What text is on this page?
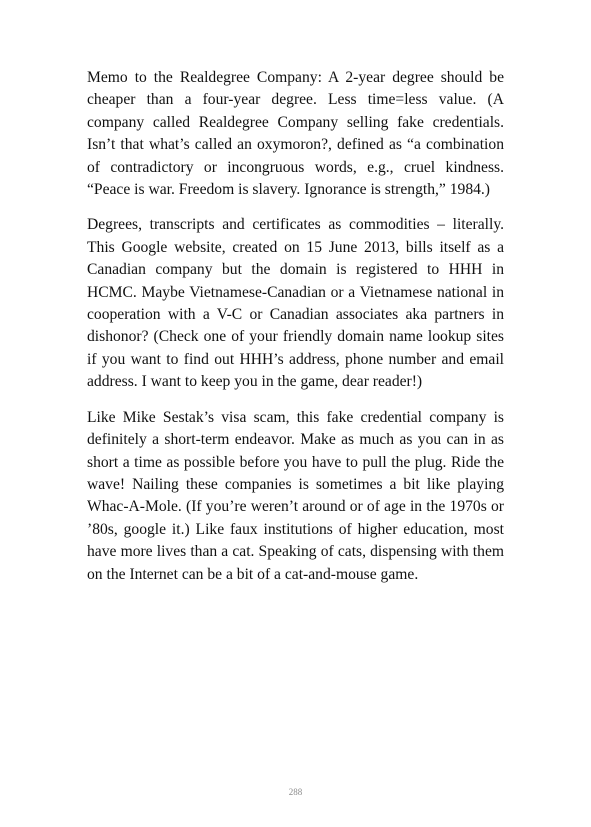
Memo to the Realdegree Company: A 2-year degree should be cheaper than a four-year degree. Less time=less value. (A company called Realdegree Company selling fake credentials. Isn’t that what’s called an oxymoron?, defined as “a combination of contradictory or incongruous words, e.g., cruel kindness. “Peace is war. Freedom is slavery. Ignorance is strength,” 1984.)

Degrees, transcripts and certificates as commodities – literally. This Google website, created on 15 June 2013, bills itself as a Canadian company but the domain is registered to HHH in HCMC. Maybe Vietnamese-Canadian or a Vietnamese national in cooperation with a V-C or Canadian associates aka partners in dishonor? (Check one of your friendly domain name lookup sites if you want to find out HHH’s address, phone number and email address. I want to keep you in the game, dear reader!)

Like Mike Sestak’s visa scam, this fake credential company is definitely a short-term endeavor. Make as much as you can in as short a time as possible before you have to pull the plug. Ride the wave! Nailing these companies is sometimes a bit like playing Whac-A-Mole. (If you’re weren’t around or of age in the 1970s or ’80s, google it.) Like faux institutions of higher education, most have more lives than a cat. Speaking of cats, dispensing with them on the Internet can be a bit of a cat-and-mouse game.

288
